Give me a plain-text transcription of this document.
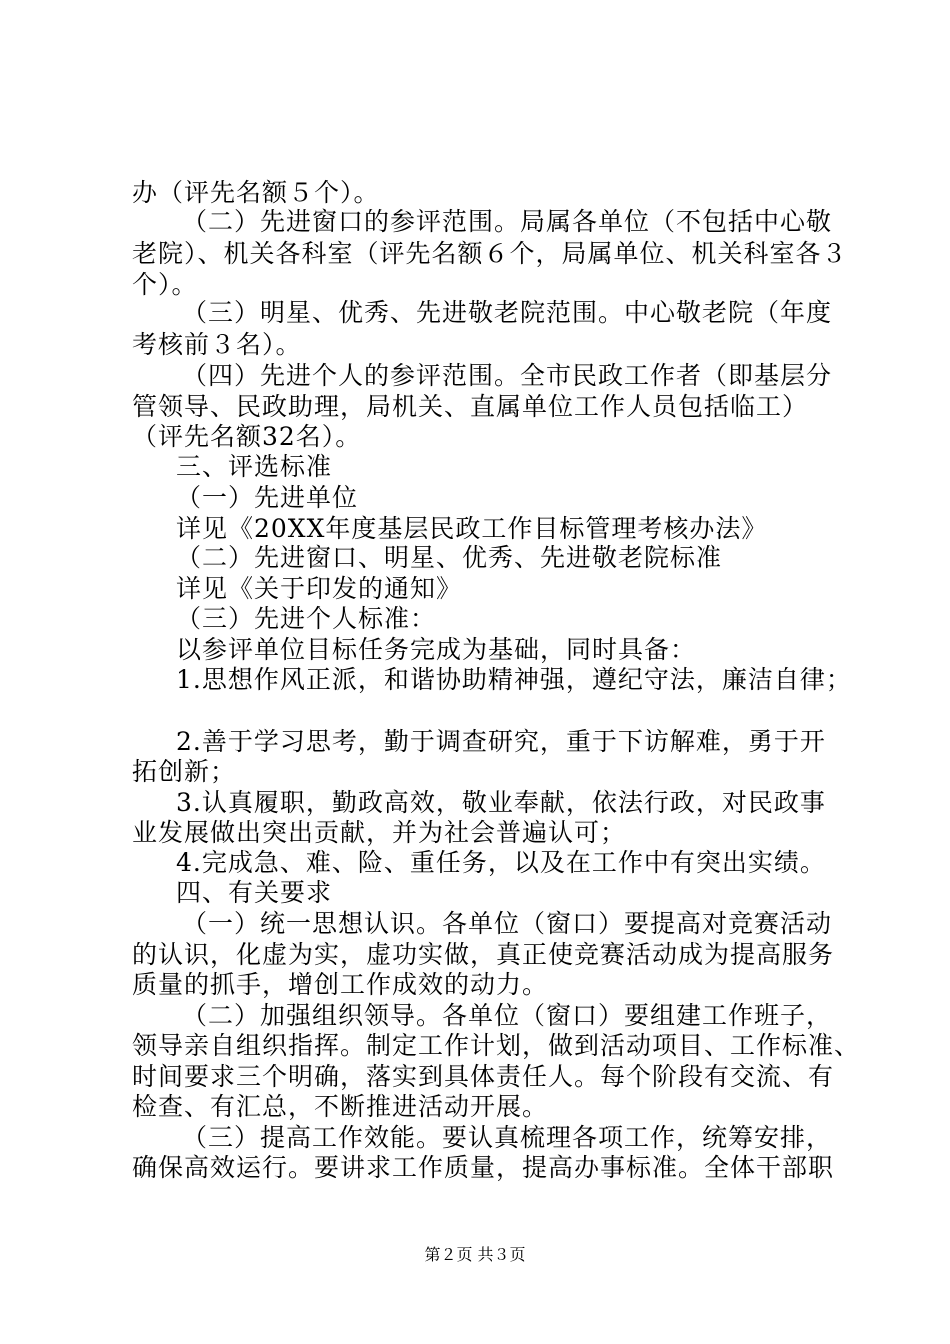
办（评先名额５个）。
（二）先进窗口的参评范围。局属各单位（不包括中心敬
老院）、机关各科室（评先名额６个，局属单位、机关科室各３
个）。
（三）明星、优秀、先进敬老院范围。中心敬老院（年度
考核前３名）。
（四）先进个人的参评范围。全市民政工作者（即基层分
管领导、民政助理，局机关、直属单位工作人员包括临工）
（评先名额32名）。
三、评选标准
（一）先进单位
详见《20XX年度基层民政工作目标管理考核办法》
（二）先进窗口、明星、优秀、先进敬老院标准
详见《关于印发的通知》
（三）先进个人标准：
以参评单位目标任务完成为基础，同时具备：
1.思想作风正派，和谐协助精神强，遵纪守法，廉洁自律；
2.善于学习思考，勤于调查研究，重于下访解难，勇于开
拓创新；
3.认真履职，勤政高效，敬业奉献，依法行政，对民政事
业发展做出突出贡献，并为社会普遍认可；
4.完成急、难、险、重任务，以及在工作中有突出实绩。
四、有关要求
（一）统一思想认识。各单位（窗口）要提高对竞赛活动
的认识，化虚为实，虚功实做，真正使竞赛活动成为提高服务
质量的抓手，增创工作成效的动力。
（二）加强组织领导。各单位（窗口）要组建工作班子，
领导亲自组织指挥。制定工作计划，做到活动项目、工作标准、
时间要求三个明确，落实到具体责任人。每个阶段有交流、有
检查、有汇总，不断推进活动开展。
（三）提高工作效能。要认真梳理各项工作，统筹安排，
确保高效运行。要讲求工作质量，提高办事标准。全体干部职
第２页 共３页
